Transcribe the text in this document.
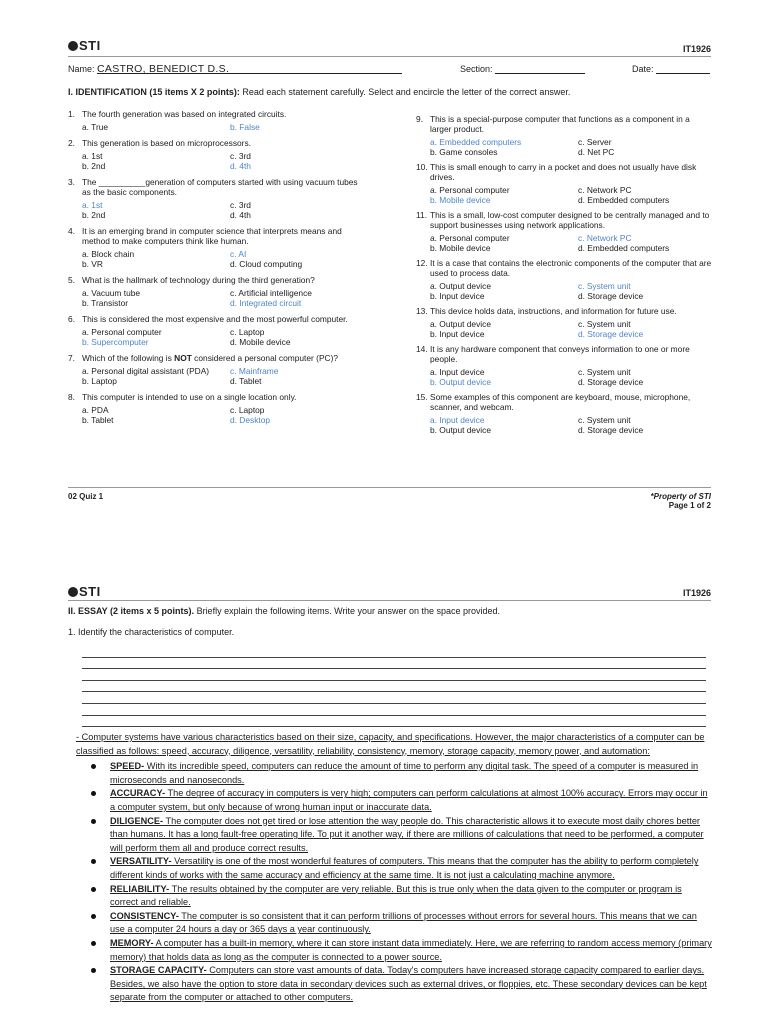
STI	IT1926
Name: CASTRO, BENEDICT D.S.	Section:	Date:
I. IDENTIFICATION (15 items X 2 points): Read each statement carefully. Select and encircle the letter of the correct answer.
1. The fourth generation was based on integrated circuits.
a. True	b. False
2. This generation is based on microprocessors.
a. 1st	c. 3rd
b. 2nd	d. 4th
3. The __________generation of computers started with using vacuum tubes as the basic components.
a. 1st	c. 3rd
b. 2nd	d. 4th
4. It is an emerging brand in computer science that interprets means and method to make computers think like human.
a. Block chain	c. AI
b. VR	d. Cloud computing
5. What is the hallmark of technology during the third generation?
a. Vacuum tube	c. Artificial intelligence
b. Transistor	d. Integrated circuit
6. This is considered the most expensive and the most powerful computer.
a. Personal computer	c. Laptop
b. Supercomputer	d. Mobile device
7. Which of the following is NOT considered a personal computer (PC)?
a. Personal digital assistant (PDA)	c. Mainframe
b. Laptop	d. Tablet
8. This computer is intended to use on a single location only.
a. PDA	c. Laptop
b. Tablet	d. Desktop
9. This is a special-purpose computer that functions as a component in a larger product.
a. Embedded computers	c. Server
b. Game consoles	d. Net PC
10. This is small enough to carry in a pocket and does not usually have disk drives.
a. Personal computer	c. Network PC
b. Mobile device	d. Embedded computers
11. This is a small, low-cost computer designed to be centrally managed and to support businesses using network applications.
a. Personal computer	c. Network PC
b. Mobile device	d. Embedded computers
12. It is a case that contains the electronic components of the computer that are used to process data.
a. Output device	c. System unit
b. Input device	d. Storage device
13. This device holds data, instructions, and information for future use.
a. Output device	c. System unit
b. Input device	d. Storage device
14. It is any hardware component that conveys information to one or more people.
a. Input device	c. System unit
b. Output device	d. Storage device
15. Some examples of this component are keyboard, mouse, microphone, scanner, and webcam.
a. Input device	c. System unit
b. Output device	d. Storage device
02 Quiz 1	*Property of STI
Page 1 of 2
STI	IT1926
II. ESSAY (2 items x 5 points). Briefly explain the following items. Write your answer on the space provided.
1. Identify the characteristics of computer.
- Computer systems have various characteristics based on their size, capacity, and specifications. However, the major characteristics of a computer can be classified as follows: speed, accuracy, diligence, versatility, reliability, consistency, memory, storage capacity, memory power, and automation:
SPEED- With its incredible speed, computers can reduce the amount of time to perform any digital task. The speed of a computer is measured in microseconds and nanoseconds.
ACCURACY- The degree of accuracy in computers is very high; computers can perform calculations at almost 100% accuracy. Errors may occur in a computer system, but only because of wrong human input or inaccurate data.
DILIGENCE- The computer does not get tired or lose attention the way people do. This characteristic allows it to execute most daily chores better than humans. It has a long fault-free operating life. To put it another way, if there are millions of calculations that need to be performed, a computer will perform them all and produce correct results.
VERSATILITY- Versatility is one of the most wonderful features of computers. This means that the computer has the ability to perform completely different kinds of works with the same accuracy and efficiency at the same time. It is not just a calculating machine anymore.
RELIABILITY- The results obtained by the computer are very reliable. But this is true only when the data given to the computer or program is correct and reliable.
CONSISTENCY- The computer is so consistent that it can perform trillions of processes without errors for several hours. This means that we can use a computer 24 hours a day or 365 days a year continuously.
MEMORY- A computer has a built-in memory, where it can store instant data immediately. Here, we are referring to random access memory (primary memory) that holds data as long as the computer is connected to a power source.
STORAGE CAPACITY- Computers can store vast amounts of data. Today's computers have increased storage capacity compared to earlier days. Besides, we also have the option to store data in secondary devices such as external drives, or floppies, etc. These secondary devices can be kept separate from the computer or attached to other computers.
